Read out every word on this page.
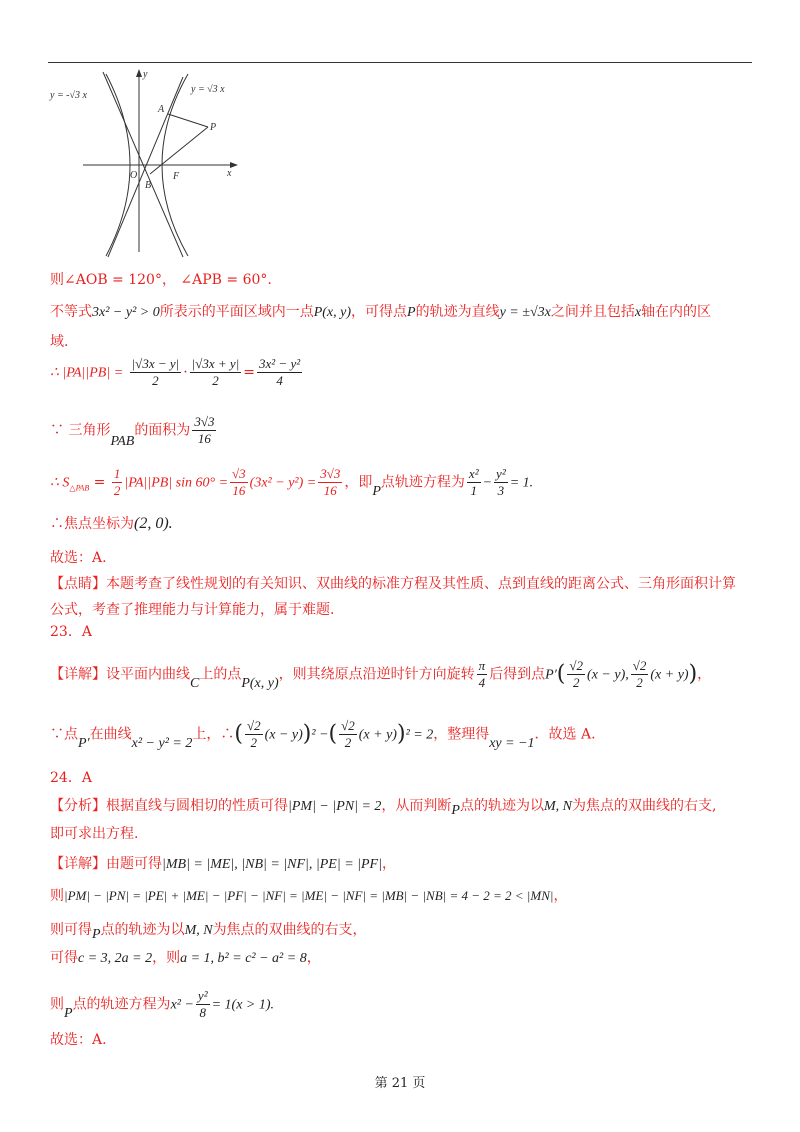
y = -√3 x
y = √3 x
A
P
O
B
F	x
y
则∠AOB = 120°， ∠APB = 60°.
不等式3x² − y² > 0所表示的平面区域内一点P(x, y)，可得点P的轨迹为直线y = ±√3x之间并且包括x轴在内的区
域.
∴ $|PA||PB| = \frac{|√3x - y|}{2} \cdot \frac{|√3x + y|}{2} = \frac{\text{3x² − y²}}{4}$
∵ 三角形PAB的面积为 $\frac{3√3}{16}$
∴ $S_{\triangle PAB} = \frac{1}{2} |PA||PB|$ $\sin 60^\circ = \frac{√3}{16} (3x^2 - y^2) = \frac{3√3}{16}$ ，即P点轨迹方程为 $\frac{\text{x²}}{1} - \frac{\text{y²}}{3} = 1$.
∴焦点坐标为(2, 0).
故选：A.
【点睛】本题考查了线性规划的有关知识、双曲线的标准方程及其性质、点到直线的距离公式、三角形面积计算
公式，考查了推理能力与计算能力，属于难题.
23．A
【详解】设平面内曲线C上的点P(x, y)，则其绕原点沿逆时针方向旋转 $\frac{\pi}{4}$ 后得到点$P'( \frac{√2}{2} (x - y)$, $\frac{√2}{2} (x + y)$)，
∵点P′在曲线x² − y² = 2上，∴( $\frac{√2}{2} (x - y))^2$ −( $\frac{√2}{2} (x + y))^2 = 2$，整理得xy = −1．故选 A.
24．A
【分析】根据直线与圆相切的性质可得|PM| − |PN| = 2，从而判断P点的轨迹为以M, N为焦点的双曲线的右支,
即可求出方程.
【详解】由题可得|MB| = |ME|, |NB| = |NF|, |PE| = |PF|，
则|PM| − |PN| = |PE| + |ME| − |PF| − |NF| = |ME| − |NF| = |MB| − |NB| = 4 − 2 = 2 < |MN|，
则可得P点的轨迹为以M, N为焦点的双曲线的右支，
可得c = 3, 2a = 2，则a = 1, b² = c² − a² = 8，
则P点的轨迹方程为$x^2 - \frac{\text{y²}}{8} = 1(x > 1)$.
故选：A.
第 21 页
